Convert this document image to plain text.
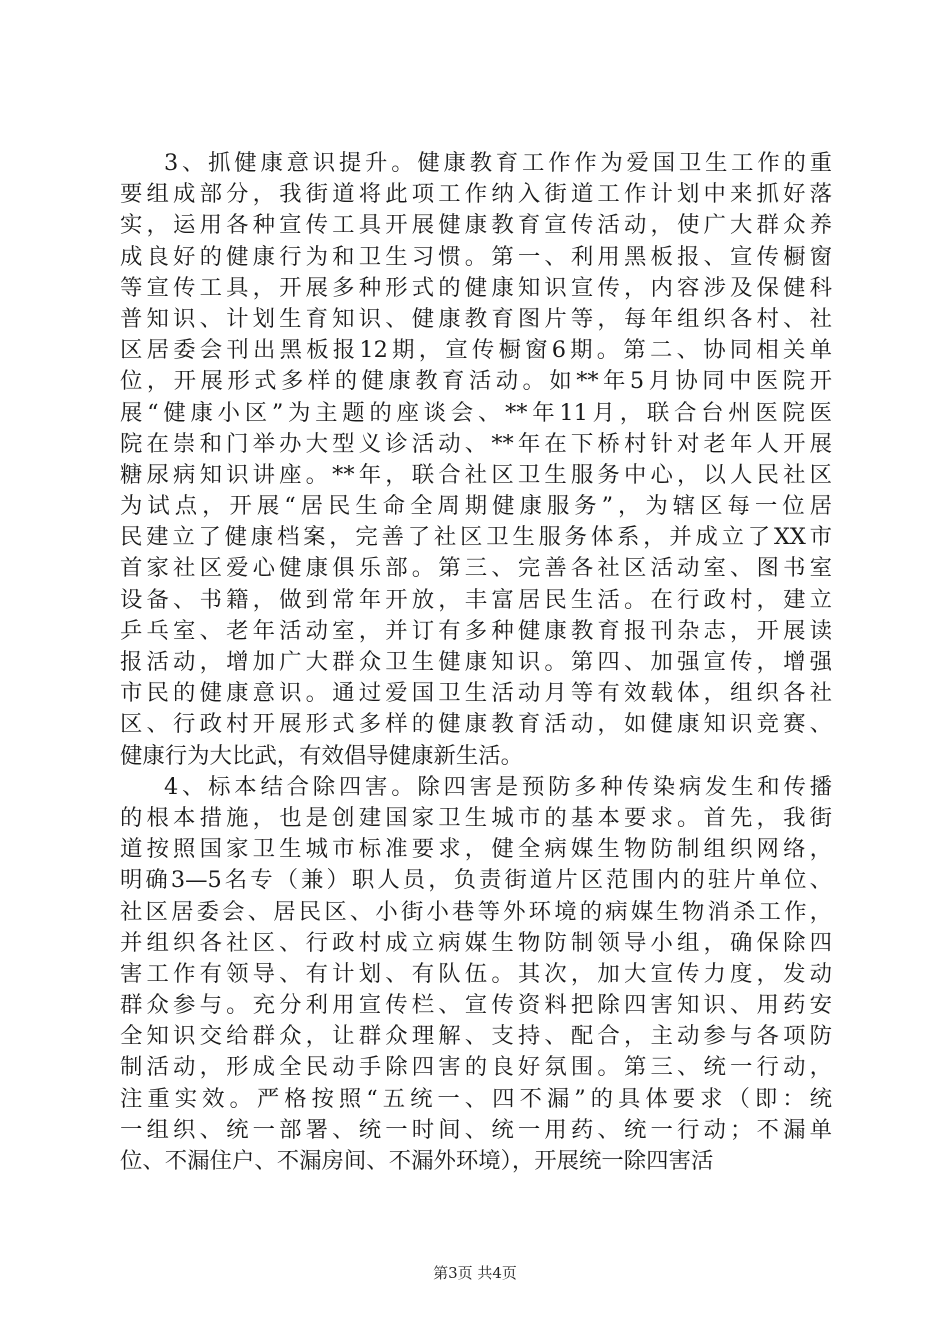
3、抓健康意识提升。健康教育工作作为爱国卫生工作的重
要组成部分，我街道将此项工作纳入街道工作计划中来抓好落
实，运用各种宣传工具开展健康教育宣传活动，使广大群众养
成良好的健康行为和卫生习惯。第一、利用黑板报、宣传橱窗
等宣传工具，开展多种形式的健康知识宣传，内容涉及保健科
普知识、计划生育知识、健康教育图片等，每年组织各村、社
区居委会刊出黑板报12期，宣传橱窗6期。第二、协同相关单
位，开展形式多样的健康教育活动。如**年5月协同中医院开
展“健康小区”为主题的座谈会、**年11月，联合台州医院医
院在崇和门举办大型义诊活动、**年在下桥村针对老年人开展
糖尿病知识讲座。**年，联合社区卫生服务中心，以人民社区
为试点，开展“居民生命全周期健康服务”，为辖区每一位居
民建立了健康档案，完善了社区卫生服务体系，并成立了XX市
首家社区爱心健康俱乐部。第三、完善各社区活动室、图书室
设备、书籍，做到常年开放，丰富居民生活。在行政村，建立
乒乓室、老年活动室，并订有多种健康教育报刊杂志，开展读
报活动，增加广大群众卫生健康知识。第四、加强宣传，增强
市民的健康意识。通过爱国卫生活动月等有效载体，组织各社
区、行政村开展形式多样的健康教育活动，如健康知识竞赛、
健康行为大比武，有效倡导健康新生活。
4、标本结合除四害。除四害是预防多种传染病发生和传播
的根本措施，也是创建国家卫生城市的基本要求。首先，我街
道按照国家卫生城市标准要求，健全病媒生物防制组织网络，
明确3—5名专（兼）职人员，负责街道片区范围内的驻片单位、
社区居委会、居民区、小街小巷等外环境的病媒生物消杀工作，
并组织各社区、行政村成立病媒生物防制领导小组，确保除四
害工作有领导、有计划、有队伍。其次，加大宣传力度，发动
群众参与。充分利用宣传栏、宣传资料把除四害知识、用药安
全知识交给群众，让群众理解、支持、配合，主动参与各项防
制活动，形成全民动手除四害的良好氛围。第三、统一行动，
注重实效。严格按照“五统一、四不漏”的具体要求（即：统
一组织、统一部署、统一时间、统一用药、统一行动；不漏单
位、不漏住户、不漏房间、不漏外环境），开展统一除四害活
第3页 共4页
